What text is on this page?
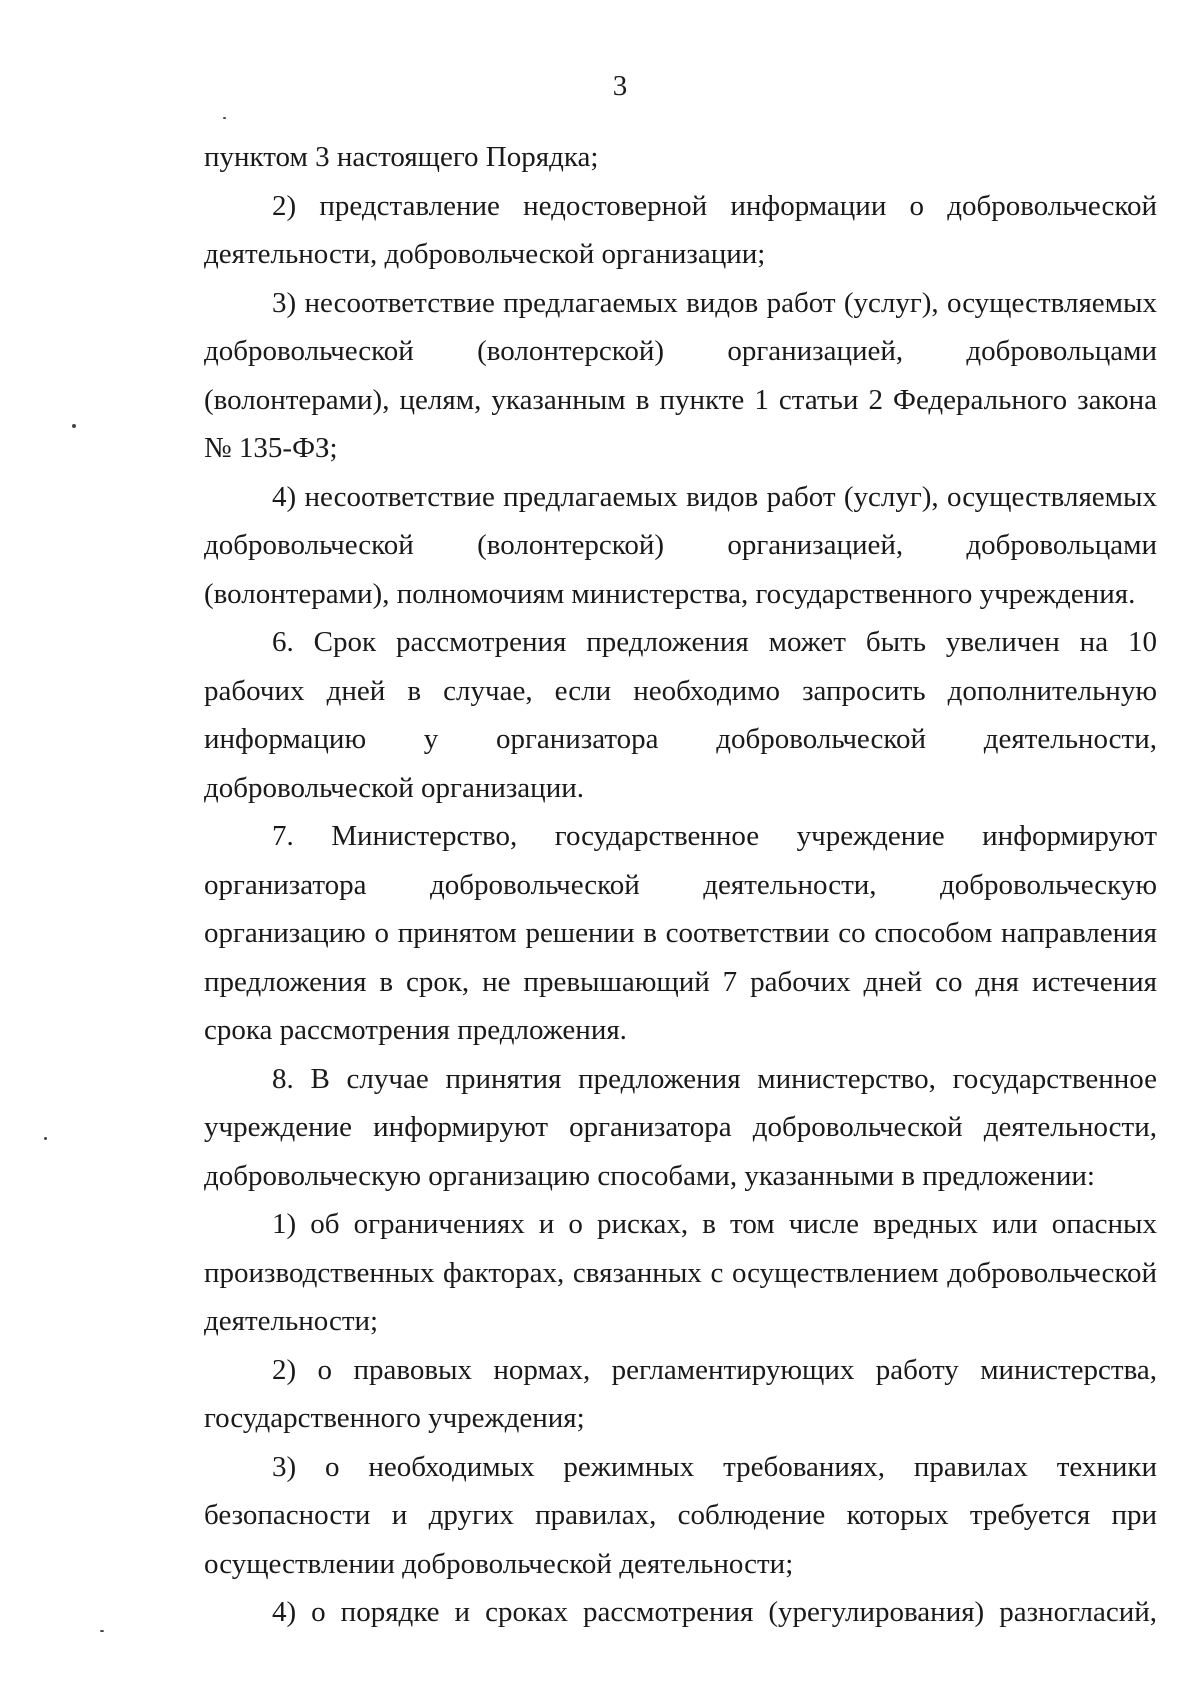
3

пунктом 3 настоящего Порядка;

2) представление недостоверной информации о добровольческой деятельности, добровольческой организации;

3) несоответствие предлагаемых видов работ (услуг), осуществляемых добровольческой (волонтерской) организацией, добровольцами (волонтерами), целям, указанным в пункте 1 статьи 2 Федерального закона № 135-ФЗ;

4) несоответствие предлагаемых видов работ (услуг), осуществляемых добровольческой (волонтерской) организацией, добровольцами (волонтерами), полномочиям министерства, государственного учреждения.

6. Срок рассмотрения предложения может быть увеличен на 10 рабочих дней в случае, если необходимо запросить дополнительную информацию у организатора добровольческой деятельности, добровольческой организации.

7. Министерство, государственное учреждение информируют организатора добровольческой деятельности, добровольческую организацию о принятом решении в соответствии со способом направления предложения в срок, не превышающий 7 рабочих дней со дня истечения срока рассмотрения предложения.

8. В случае принятия предложения министерство, государственное учреждение информируют организатора добровольческой деятельности, добровольческую организацию способами, указанными в предложении:

1) об ограничениях и о рисках, в том числе вредных или опасных производственных факторах, связанных с осуществлением добровольческой деятельности;

2) о правовых нормах, регламентирующих работу министерства, государственного учреждения;

3) о необходимых режимных требованиях, правилах техники безопасности и других правилах, соблюдение которых требуется при осуществлении добровольческой деятельности;

4) о порядке и сроках рассмотрения (урегулирования) разногласий,
